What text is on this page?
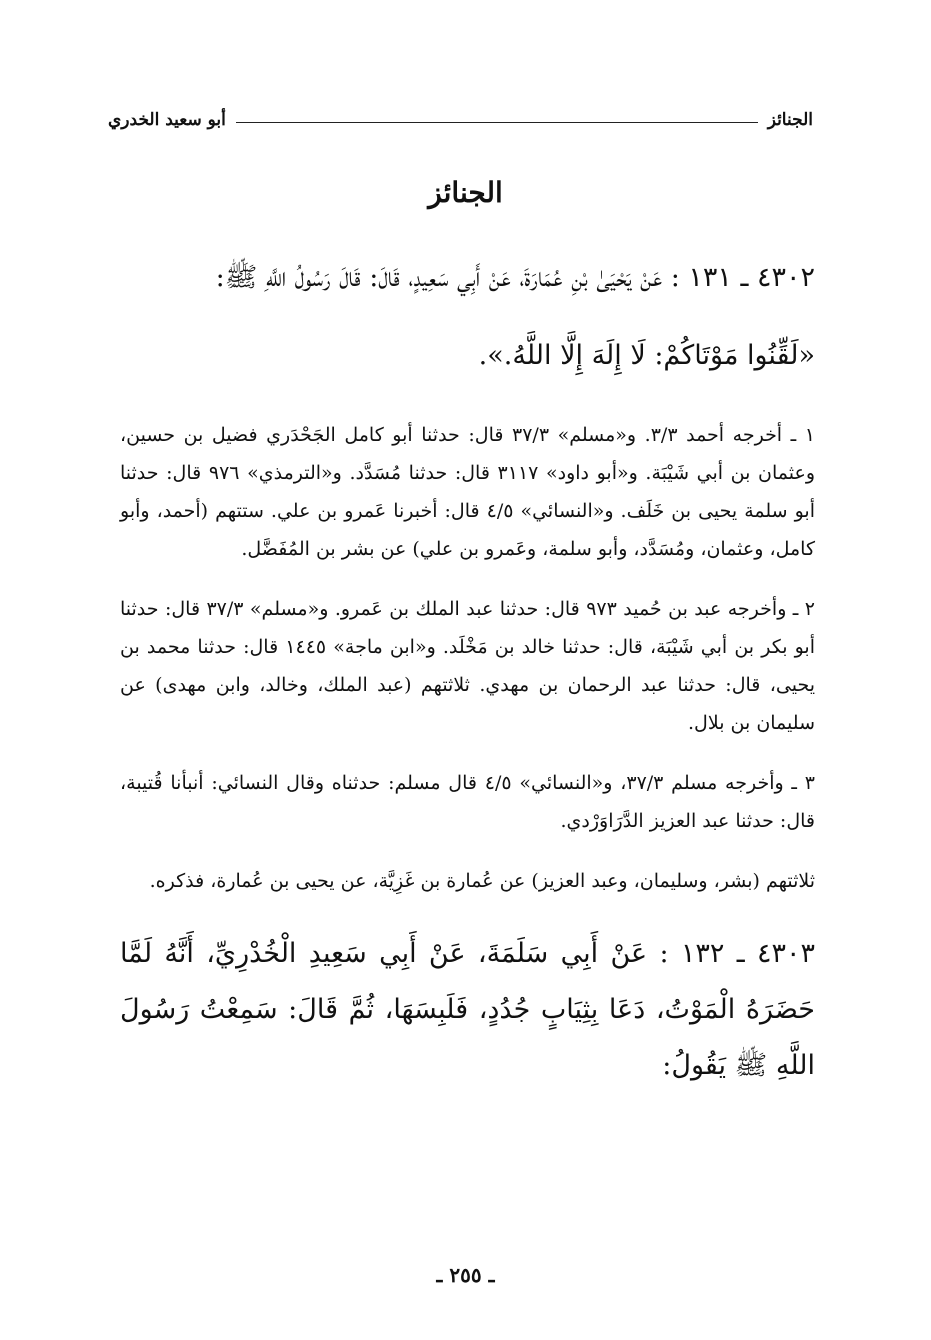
الجنائز
أبو سعيد الخدري
الجنائز

٤٣٠٢ ـ ١٣١ : عَنْ يَحْيَىٰ بْنِ عُمَارَةَ، عَنْ أَبِي سَعِيدٍ، قَالَ: قَالَ رَسُولُ اللَّهِ ﷺ:

«لَقِّنُوا مَوْتَاكُمْ: لَا إِلَهَ إِلَّا اللَّهُ.».

١ ـ أخرجه أحمد ٣/٣. و«مسلم» ٣٧/٣ قال: حدثنا أبو كامل الجَحْدَري فضيل بن حسين، وعثمان بن أبي شَيْبَة. و«أبو داود» ٣١١٧ قال: حدثنا مُسَدَّد. و«الترمذي» ٩٧٦ قال: حدثنا أبو سلمة يحيى بن خَلَف. و«النسائي» ٤/٥ قال: أخبرنا عَمرو بن علي. ستتهم (أحمد، وأبو كامل، وعثمان، ومُسَدَّد، وأبو سلمة، وعَمرو بن علي) عن بشر بن المُفَضَّل.

٢ ـ وأخرجه عبد بن حُميد ٩٧٣ قال: حدثنا عبد الملك بن عَمرو. و«مسلم» ٣٧/٣ قال: حدثنا أبو بكر بن أبي شَيْبَة، قال: حدثنا خالد بن مَخْلَد. و«ابن ماجة» ١٤٤٥ قال: حدثنا محمد بن يحيى، قال: حدثنا عبد الرحمان بن مهدي. ثلاثتهم (عبد الملك، وخالد، وابن مهدى) عن سليمان بن بلال.

٣ ـ وأخرجه مسلم ٣٧/٣، و«النسائي» ٤/٥ قال مسلم: حدثناه وقال النسائي: أنبأنا قُتيبة، قال: حدثنا عبد العزيز الدَّرَاوَرْدي.

ثلاثتهم (بشر، وسليمان، وعبد العزيز) عن عُمارة بن غَزِيَّة، عن يحيى بن عُمارة، فذكره.

٤٣٠٣ ـ ١٣٢ : عَنْ أَبِي سَلَمَةَ، عَنْ أَبِي سَعِيدِ الْخُدْرِيِّ، أَنَّهُ لَمَّا حَضَرَهُ الْمَوْتُ، دَعَا بِثِيَابٍ جُدُدٍ، فَلَبِسَهَا، ثُمَّ قَالَ: سَمِعْتُ رَسُولَ اللَّهِ ﷺ يَقُولُ:

ـ ٢٥٥ ـ
